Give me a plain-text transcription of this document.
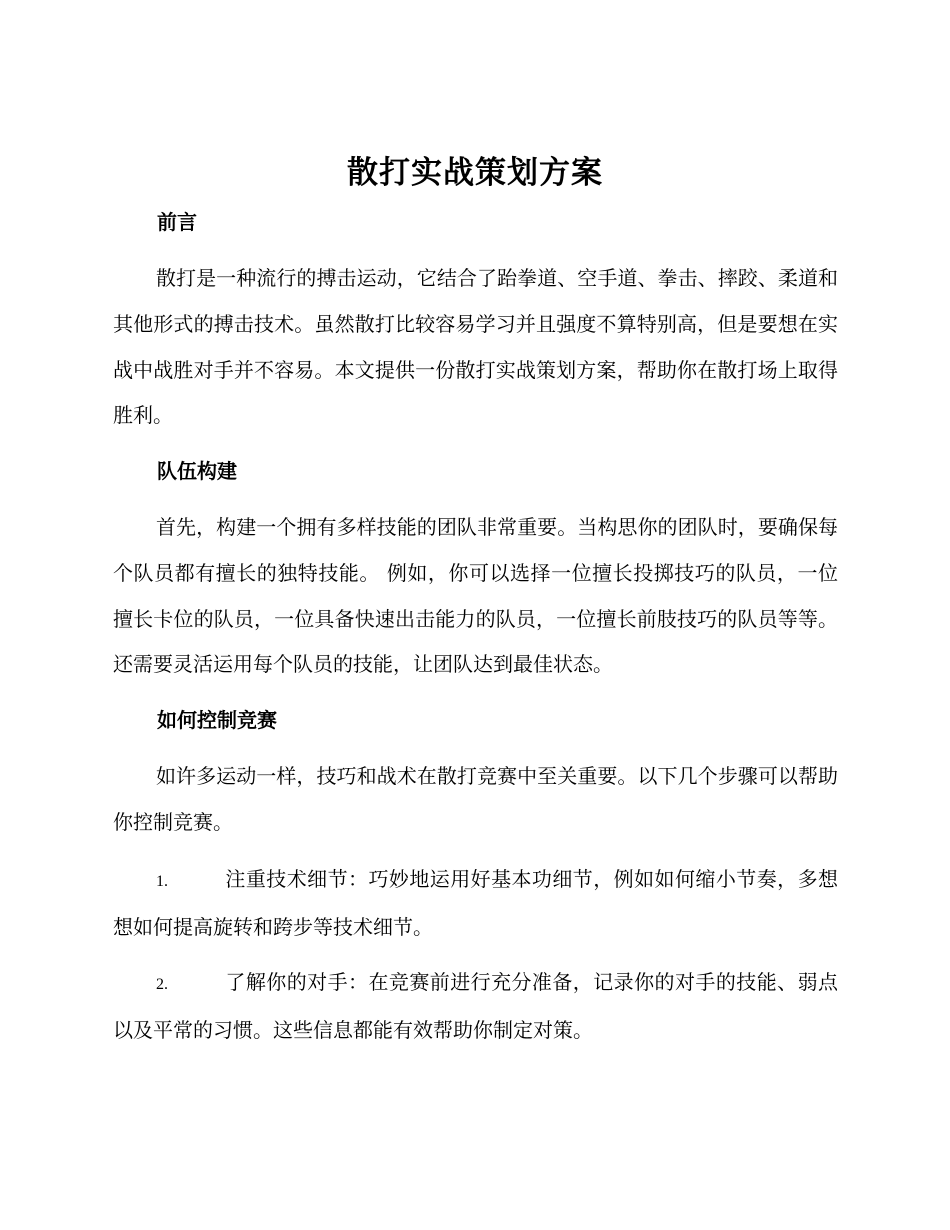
散打实战策划方案
前言
散打是一种流行的搏击运动，它结合了跆拳道、空手道、拳击、摔跤、柔道和其他形式的搏击技术。虽然散打比较容易学习并且强度不算特别高，但是要想在实战中战胜对手并不容易。本文提供一份散打实战策划方案，帮助你在散打场上取得胜利。
队伍构建
首先，构建一个拥有多样技能的团队非常重要。当构思你的团队时，要确保每个队员都有擅长的独特技能。 例如，你可以选择一位擅长投掷技巧的队员，一位擅长卡位的队员，一位具备快速出击能力的队员，一位擅长前肢技巧的队员等等。还需要灵活运用每个队员的技能，让团队达到最佳状态。
如何控制竞赛
如许多运动一样，技巧和战术在散打竞赛中至关重要。以下几个步骤可以帮助你控制竞赛。
1.	注重技术细节：巧妙地运用好基本功细节，例如如何缩小节奏，多想想如何提高旋转和跨步等技术细节。
2.	了解你的对手：在竞赛前进行充分准备，记录你的对手的技能、弱点以及平常的习惯。这些信息都能有效帮助你制定对策。
